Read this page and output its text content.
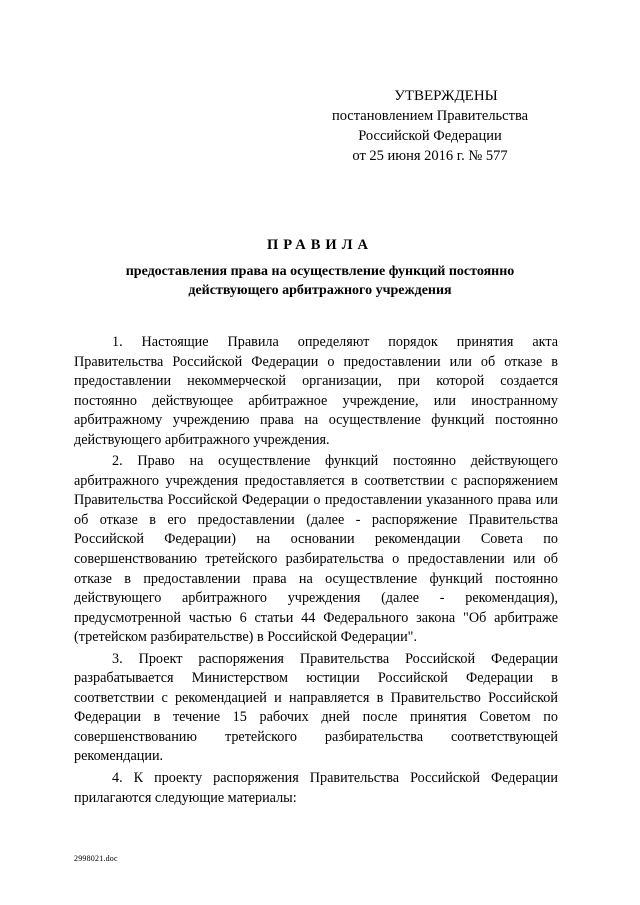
УТВЕРЖДЕНЫ
постановлением Правительства
Российской Федерации
от 25 июня 2016 г. № 577
ПРАВИЛА
предоставления права на осуществление функций постоянно действующего арбитражного учреждения

1. Настоящие Правила определяют порядок принятия акта Правительства Российской Федерации о предоставлении или об отказе в предоставлении некоммерческой организации, при которой создается постоянно действующее арбитражное учреждение, или иностранному арбитражному учреждению права на осуществление функций постоянно действующего арбитражного учреждения.

2. Право на осуществление функций постоянно действующего арбитражного учреждения предоставляется в соответствии с распоряжением Правительства Российской Федерации о предоставлении указанного права или об отказе в его предоставлении (далее - распоряжение Правительства Российской Федерации) на основании рекомендации Совета по совершенствованию третейского разбирательства о предоставлении или об отказе в предоставлении права на осуществление функций постоянно действующего арбитражного учреждения (далее - рекомендация), предусмотренной частью 6 статьи 44 Федерального закона "Об арбитраже (третейском разбирательстве) в Российской Федерации".

3. Проект распоряжения Правительства Российской Федерации разрабатывается Министерством юстиции Российской Федерации в соответствии с рекомендацией и направляется в Правительство Российской Федерации в течение 15 рабочих дней после принятия Советом по совершенствованию третейского разбирательства соответствующей рекомендации.

4. К проекту распоряжения Правительства Российской Федерации прилагаются следующие материалы:

2998021.doc
